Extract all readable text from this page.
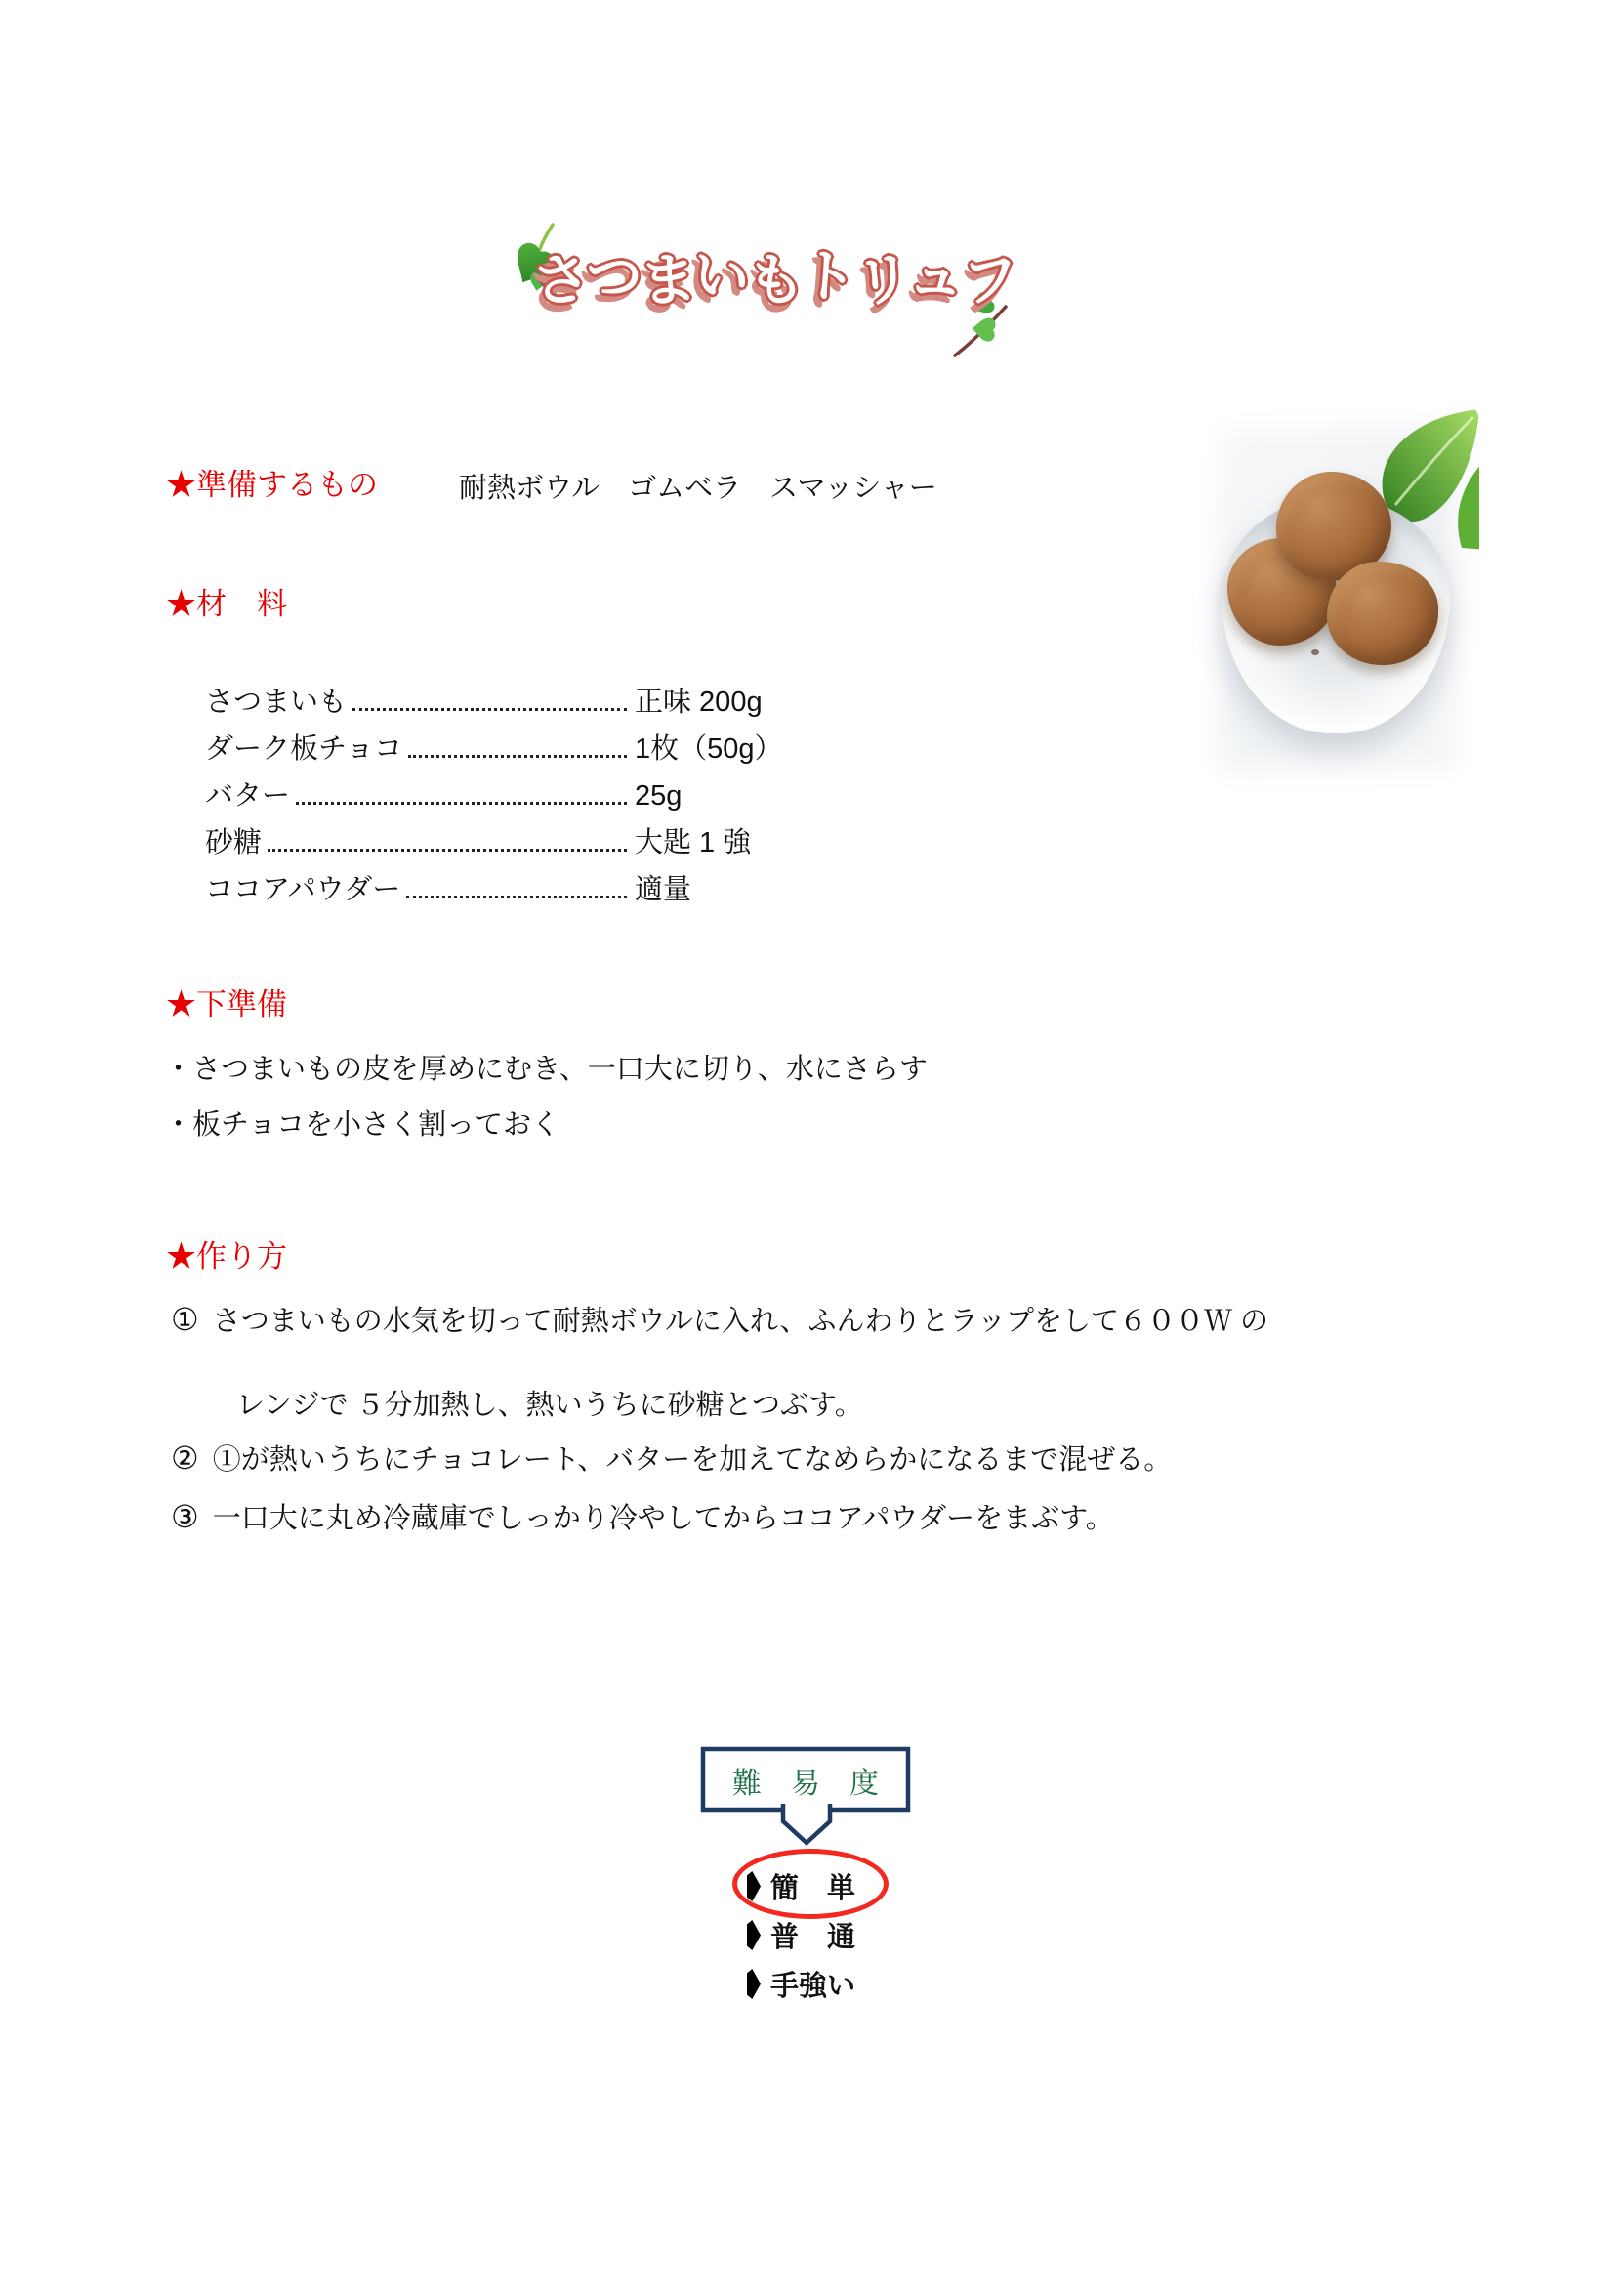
さつまいもトリュフ
★準備するもの	耐熱ボウル　ゴムベラ　スマッシャー
★材　料
さつまいも	正味 200g
ダーク板チョコ	1枚（50g）
バター	25g
砂糖	大匙 1 強
ココアパウダー	適量
★下準備
・さつまいもの皮を厚めにむき、一口大に切り、水にさらす
・板チョコを小さく割っておく
★作り方
① さつまいもの水気を切って耐熱ボウルに入れ、ふんわりとラップをして６００Ｗ の
レンジで ５分加熱し、熱いうちに砂糖とつぶす。
② ①が熱いうちにチョコレート、バターを加えてなめらかになるまで混ぜる。
③ 一口大に丸め冷蔵庫でしっかり冷やしてからココアパウダーをまぶす。
難　易　度
簡　単
普　通
手強い
